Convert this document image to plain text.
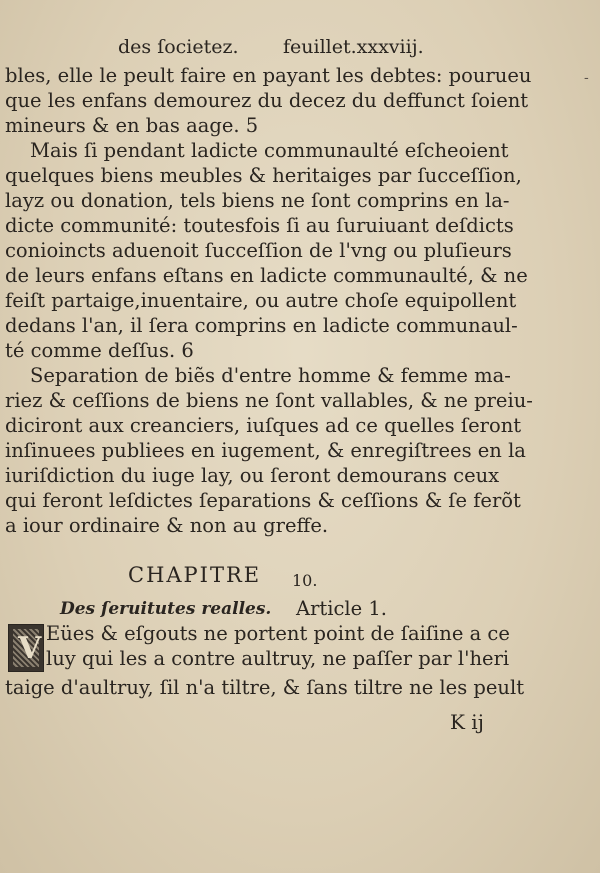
des ſocietez. feuillet.xxxviij.
-
bles, elle le peult faire en payant les debtes: pourueu
que les enfans demourez du decez du deffunct ſoient
mineurs & en bas aage. 5
Mais ſi pendant ladicte communaulté eſcheoient
quelques biens meubles & heritaiges par ſucceſſion,
layz ou donation, tels biens ne ſont comprins en la-
dicte communité: toutesfois ſi au ſuruiuant deſdicts
conioincts aduenoit ſucceſſion de l'vng ou pluſieurs
de leurs enfans eſtans en ladicte communaulté, & ne
feiſt partaige,inuentaire, ou autre choſe equipollent
dedans l'an, il ſera comprins en ladicte communaul-
té comme deſſus. 6
Separation de biẽs d'entre homme & femme ma-
riez & ceſſions de biens ne ſont vallables, & ne preiu-
diciront aux creanciers, iuſques ad ce quelles ſeront
inſinuees publiees en iugement, & enregiſtrees en la
iuriſdiction du iuge lay, ou ſeront demourans ceux
qui feront leſdictes ſeparations & ceſſions & ſe ferõt
a iour ordinaire & non au greffe.
CHAPITRE 10.
Des ſeruitutes realles. Article 1.
V Eües & eſgouts ne portent point de ſaiſine a ce
luy qui les a contre aultruy, ne paſſer par l'heri
taige d'aultruy, ſil n'a tiltre, & ſans tiltre ne les peult
K ij
